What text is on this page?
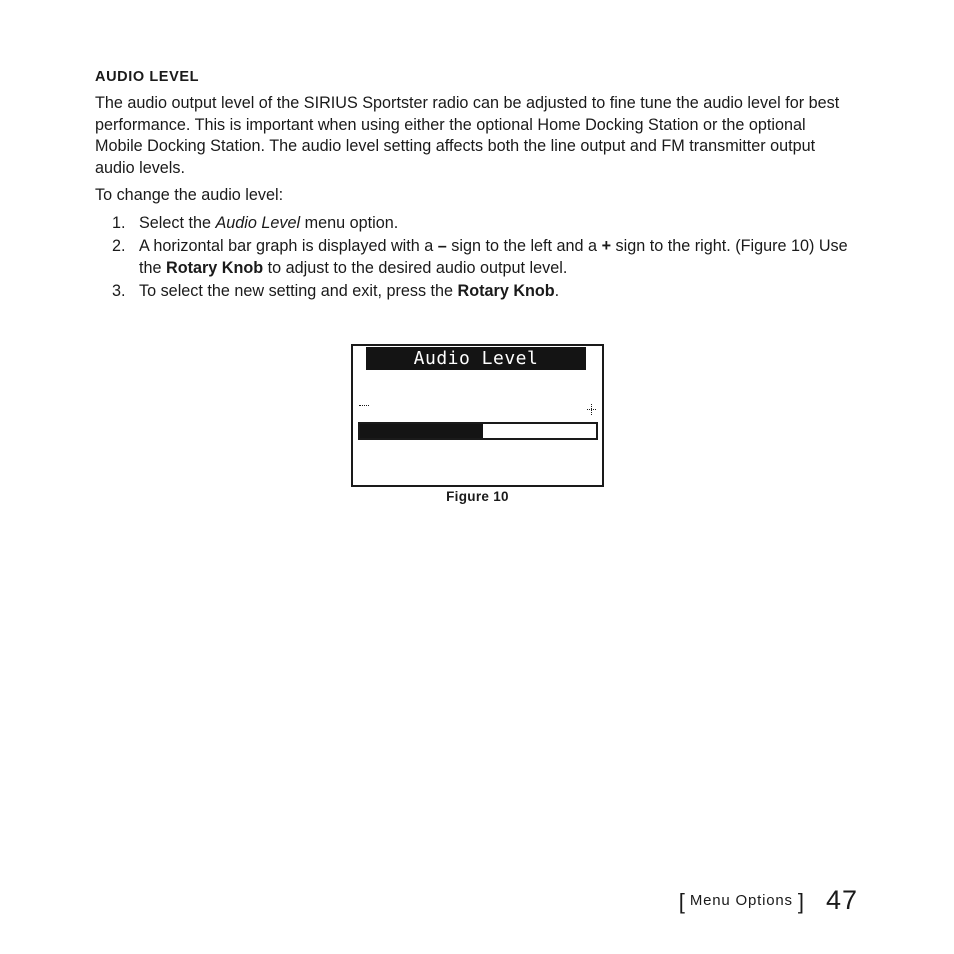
AUDIO LEVEL

The audio output level of the SIRIUS Sportster radio can be adjusted to fine tune the audio level for best performance. This is important when using either the optional Home Docking Station or the optional Mobile Docking Station. The audio level setting affects both the line output and FM transmitter output audio levels.

To change the audio level:

1. Select the Audio Level menu option.
2. A horizontal bar graph is displayed with a – sign to the left and a + sign to the right. (Figure 10) Use the Rotary Knob to adjust to the desired audio output level.
3. To select the new setting and exit, press the Rotary Knob.
Audio Level
Figure 10
[ Menu Options ] 47
